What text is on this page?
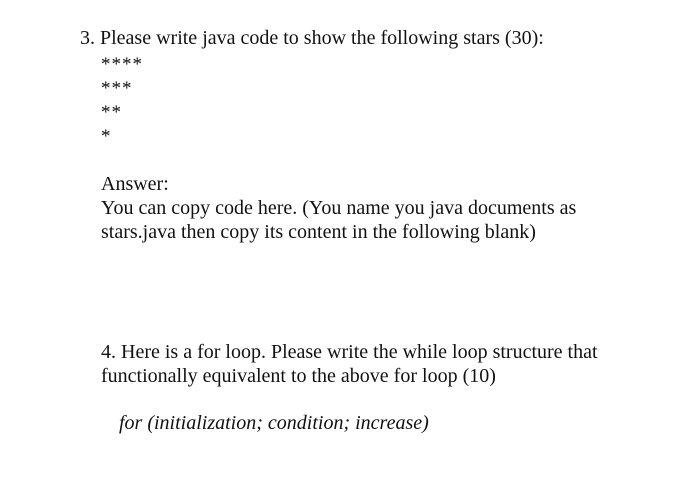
3. Please write java code to show the following stars (30):
****
***
**
*
Answer:
You can copy code here. (You name you java documents as
stars.java then copy its content in the following blank)
4. Here is a for loop. Please write the while loop structure that
functionally equivalent to the above for loop (10)
for (initialization; condition; increase)
